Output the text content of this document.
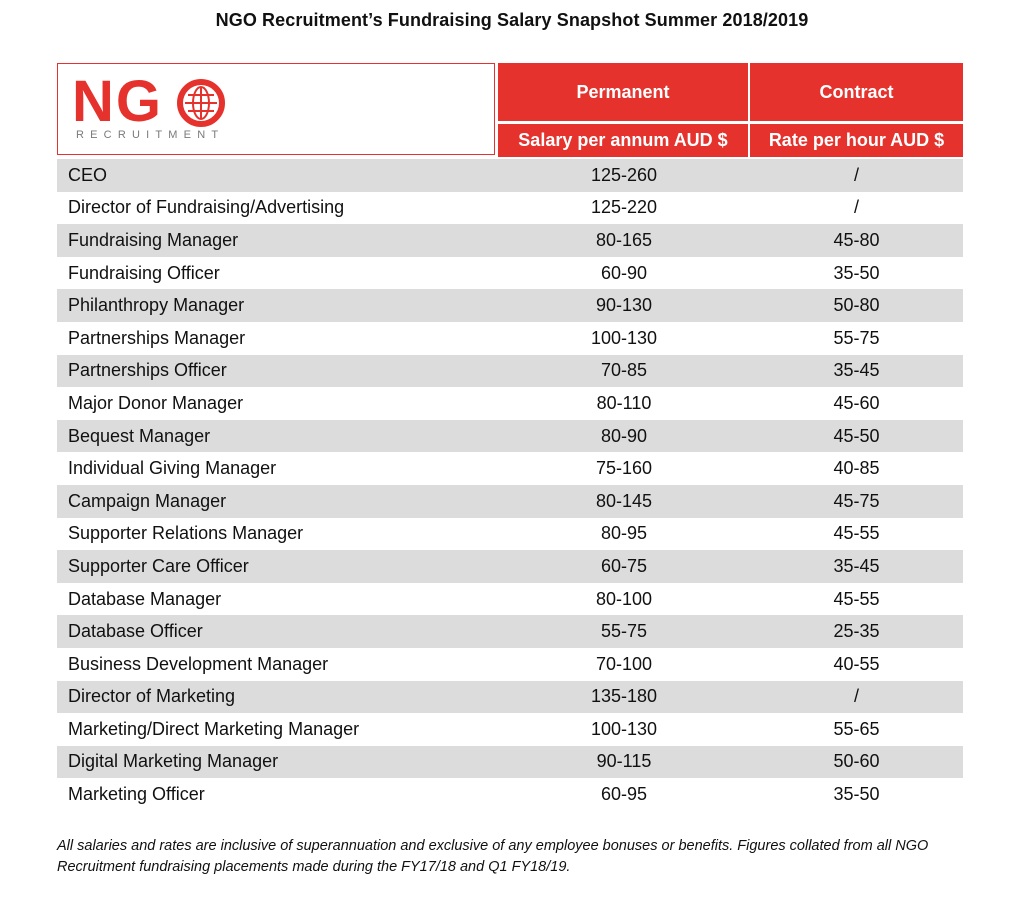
NGO Recruitment’s Fundraising Salary Snapshot Summer 2018/2019
NG
RECRUITMENT
Permanent	Contract
Salary per annum AUD $	Rate per hour AUD $
CEO	125-260	/
Director of Fundraising/Advertising	125-220	/
Fundraising Manager	80-165	45-80
Fundraising Officer	60-90	35-50
Philanthropy Manager	90-130	50-80
Partnerships Manager	100-130	55-75
Partnerships Officer	70-85	35-45
Major Donor Manager	80-110	45-60
Bequest Manager	80-90	45-50
Individual Giving Manager	75-160	40-85
Campaign Manager	80-145	45-75
Supporter Relations Manager	80-95	45-55
Supporter Care Officer	60-75	35-45
Database Manager	80-100	45-55
Database Officer	55-75	25-35
Business Development Manager	70-100	40-55
Director of Marketing	135-180	/
Marketing/Direct Marketing Manager	100-130	55-65
Digital Marketing Manager	90-115	50-60
Marketing Officer	60-95	35-50
All salaries and rates are inclusive of superannuation and exclusive of any employee bonuses or benefits. Figures collated from all NGO Recruitment fundraising placements made during the FY17/18 and Q1 FY18/19.
